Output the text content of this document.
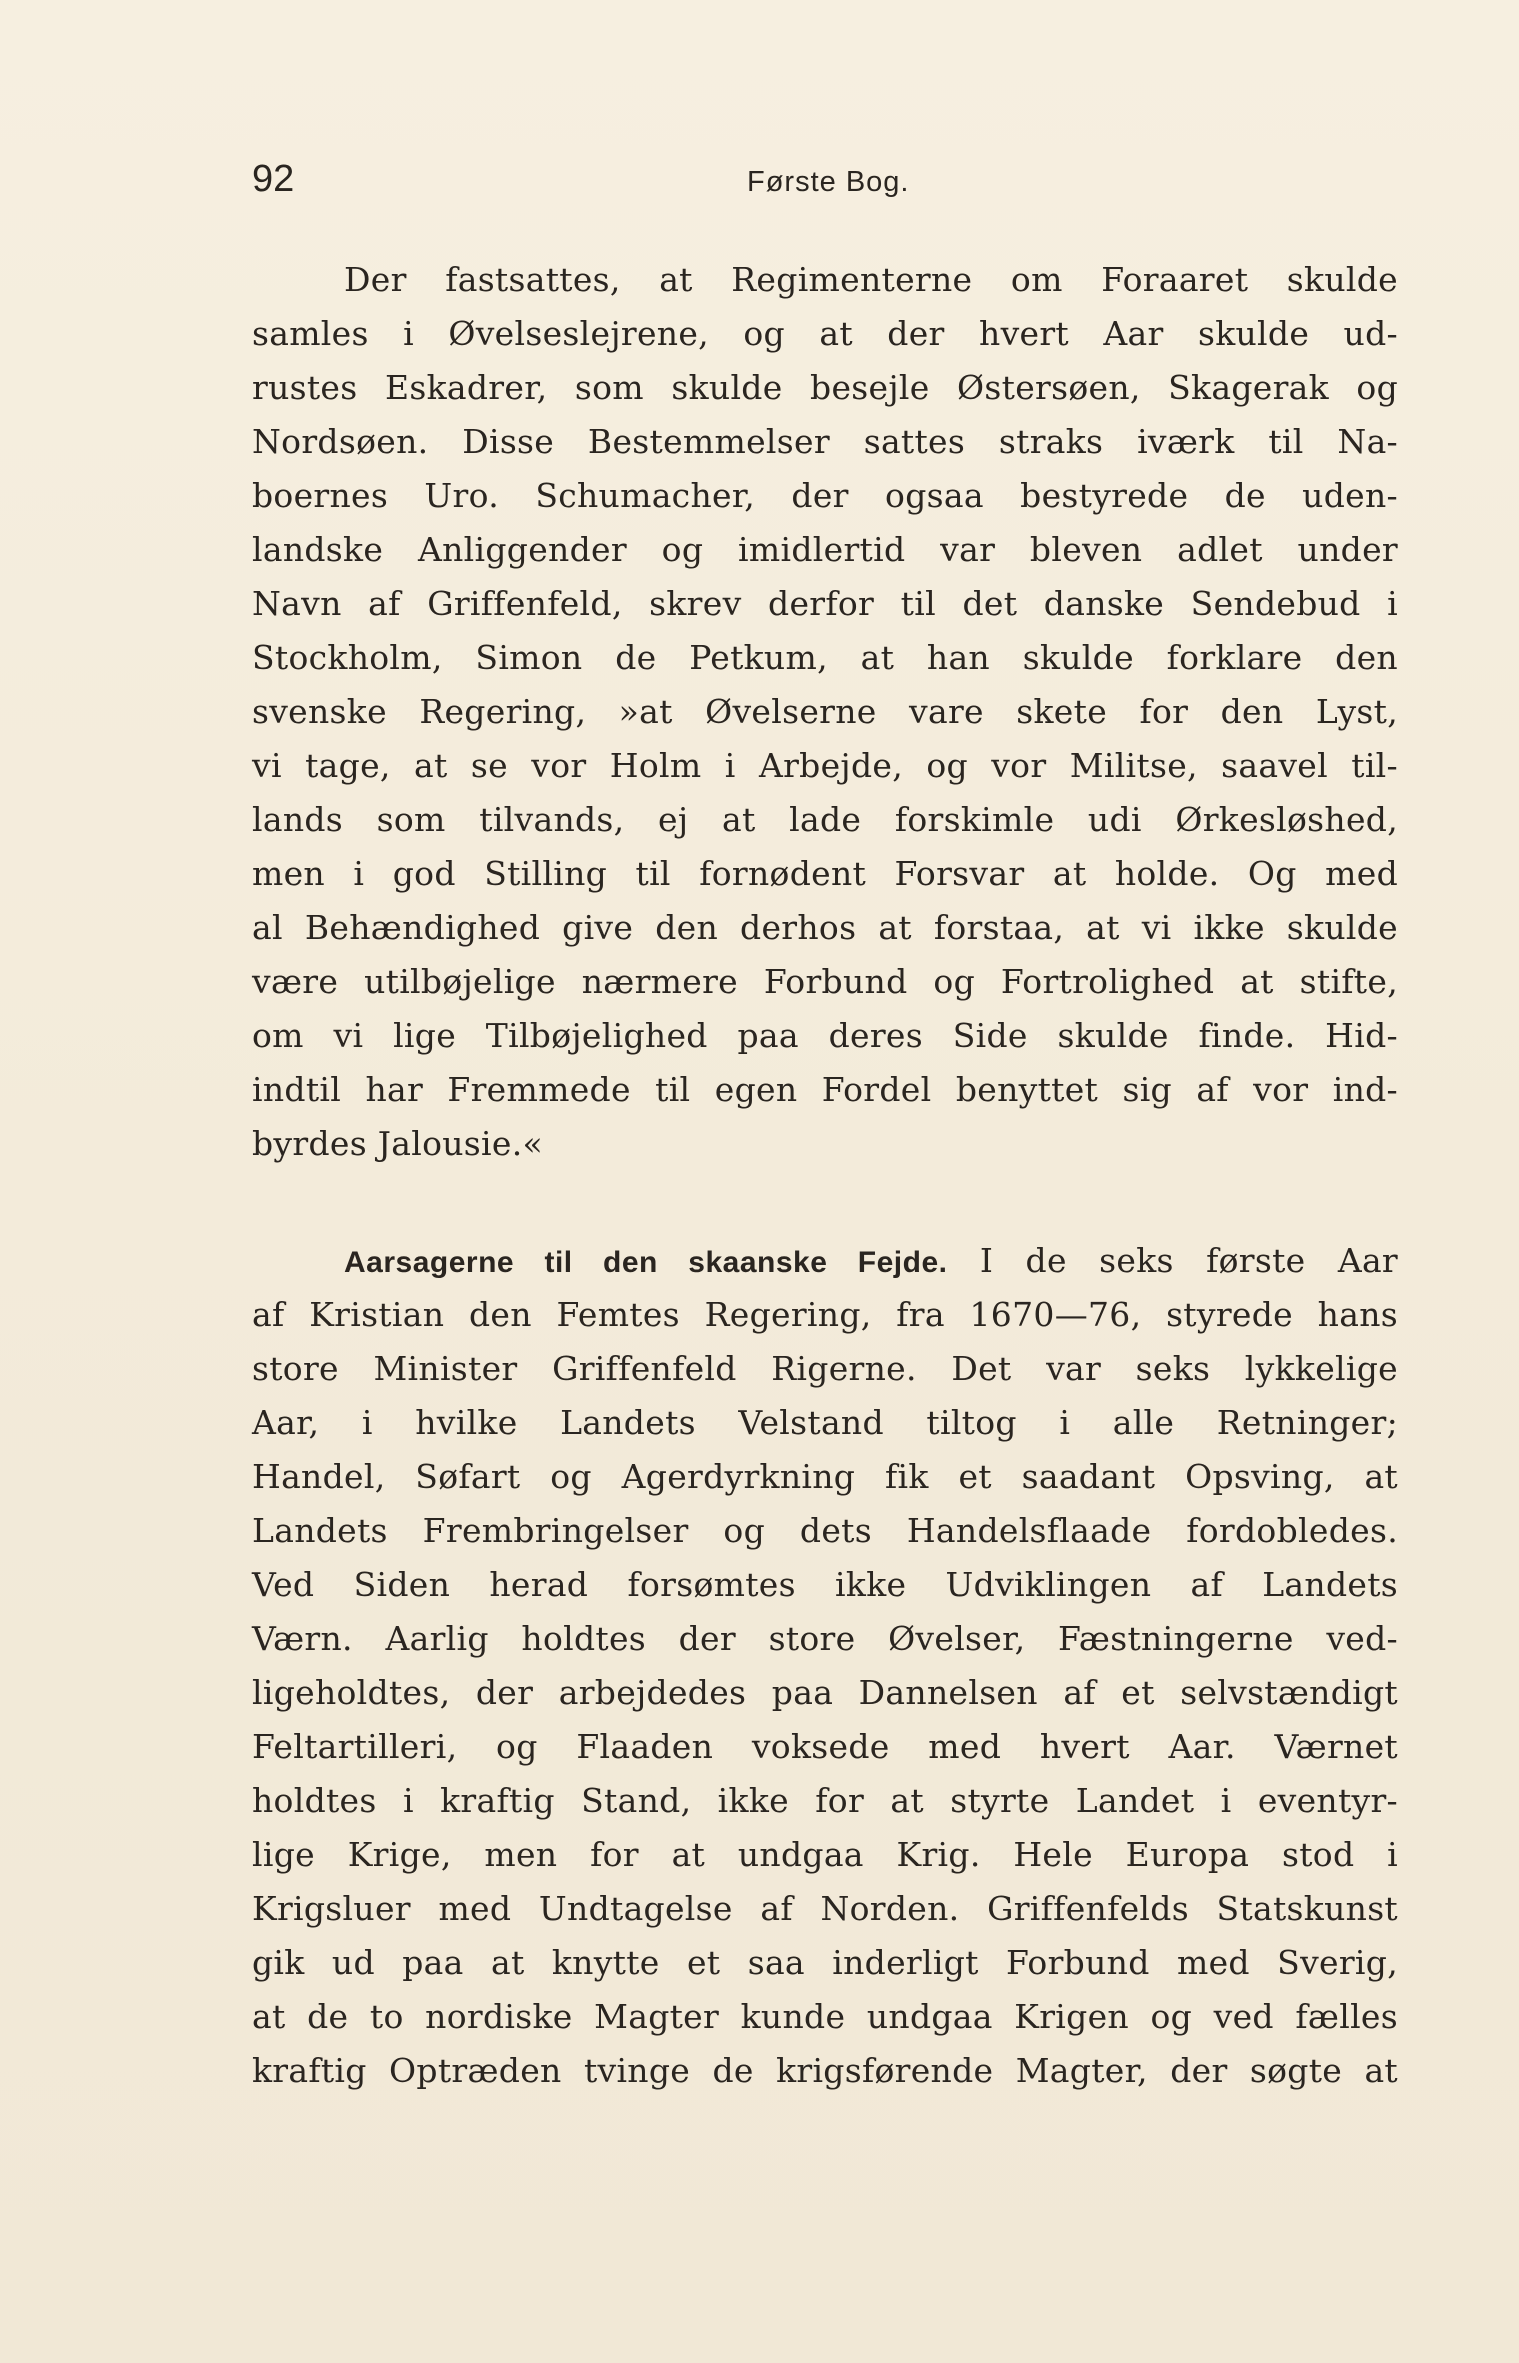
92	Første Bog.
Der fastsattes, at Regimenterne om Foraaret skulde
samles i Øvelseslejrene, og at der hvert Aar skulde ud-
rustes Eskadrer, som skulde besejle Østersøen, Skagerak og
Nordsøen. Disse Bestemmelser sattes straks iværk til Na-
boernes Uro. Schumacher, der ogsaa bestyrede de uden-
landske Anliggender og imidlertid var bleven adlet under
Navn af Griffenfeld, skrev derfor til det danske Sendebud i
Stockholm, Simon de Petkum, at han skulde forklare den
svenske Regering, »at Øvelserne vare skete for den Lyst,
vi tage, at se vor Holm i Arbejde, og vor Militse, saavel til-
lands som tilvands, ej at lade forskimle udi Ørkesløshed,
men i god Stilling til fornødent Forsvar at holde. Og med
al Behændighed give den derhos at forstaa, at vi ikke skulde
være utilbøjelige nærmere Forbund og Fortrolighed at stifte,
om vi lige Tilbøjelighed paa deres Side skulde finde. Hid-
indtil har Fremmede til egen Fordel benyttet sig af vor ind-
byrdes Jalousie.«
Aarsagerne til den skaanske Fejde. I de seks første Aar
af Kristian den Femtes Regering, fra 1670—76, styrede hans
store Minister Griffenfeld Rigerne. Det var seks lykkelige
Aar, i hvilke Landets Velstand tiltog i alle Retninger;
Handel, Søfart og Agerdyrkning fik et saadant Opsving, at
Landets Frembringelser og dets Handelsflaade fordobledes.
Ved Siden herad forsømtes ikke Udviklingen af Landets
Værn. Aarlig holdtes der store Øvelser, Fæstningerne ved-
ligeholdtes, der arbejdedes paa Dannelsen af et selvstændigt
Feltartilleri, og Flaaden voksede med hvert Aar. Værnet
holdtes i kraftig Stand, ikke for at styrte Landet i eventyr-
lige Krige, men for at undgaa Krig. Hele Europa stod i
Krigsluer med Undtagelse af Norden. Griffenfelds Statskunst
gik ud paa at knytte et saa inderligt Forbund med Sverig,
at de to nordiske Magter kunde undgaa Krigen og ved fælles
kraftig Optræden tvinge de krigsførende Magter, der søgte at
